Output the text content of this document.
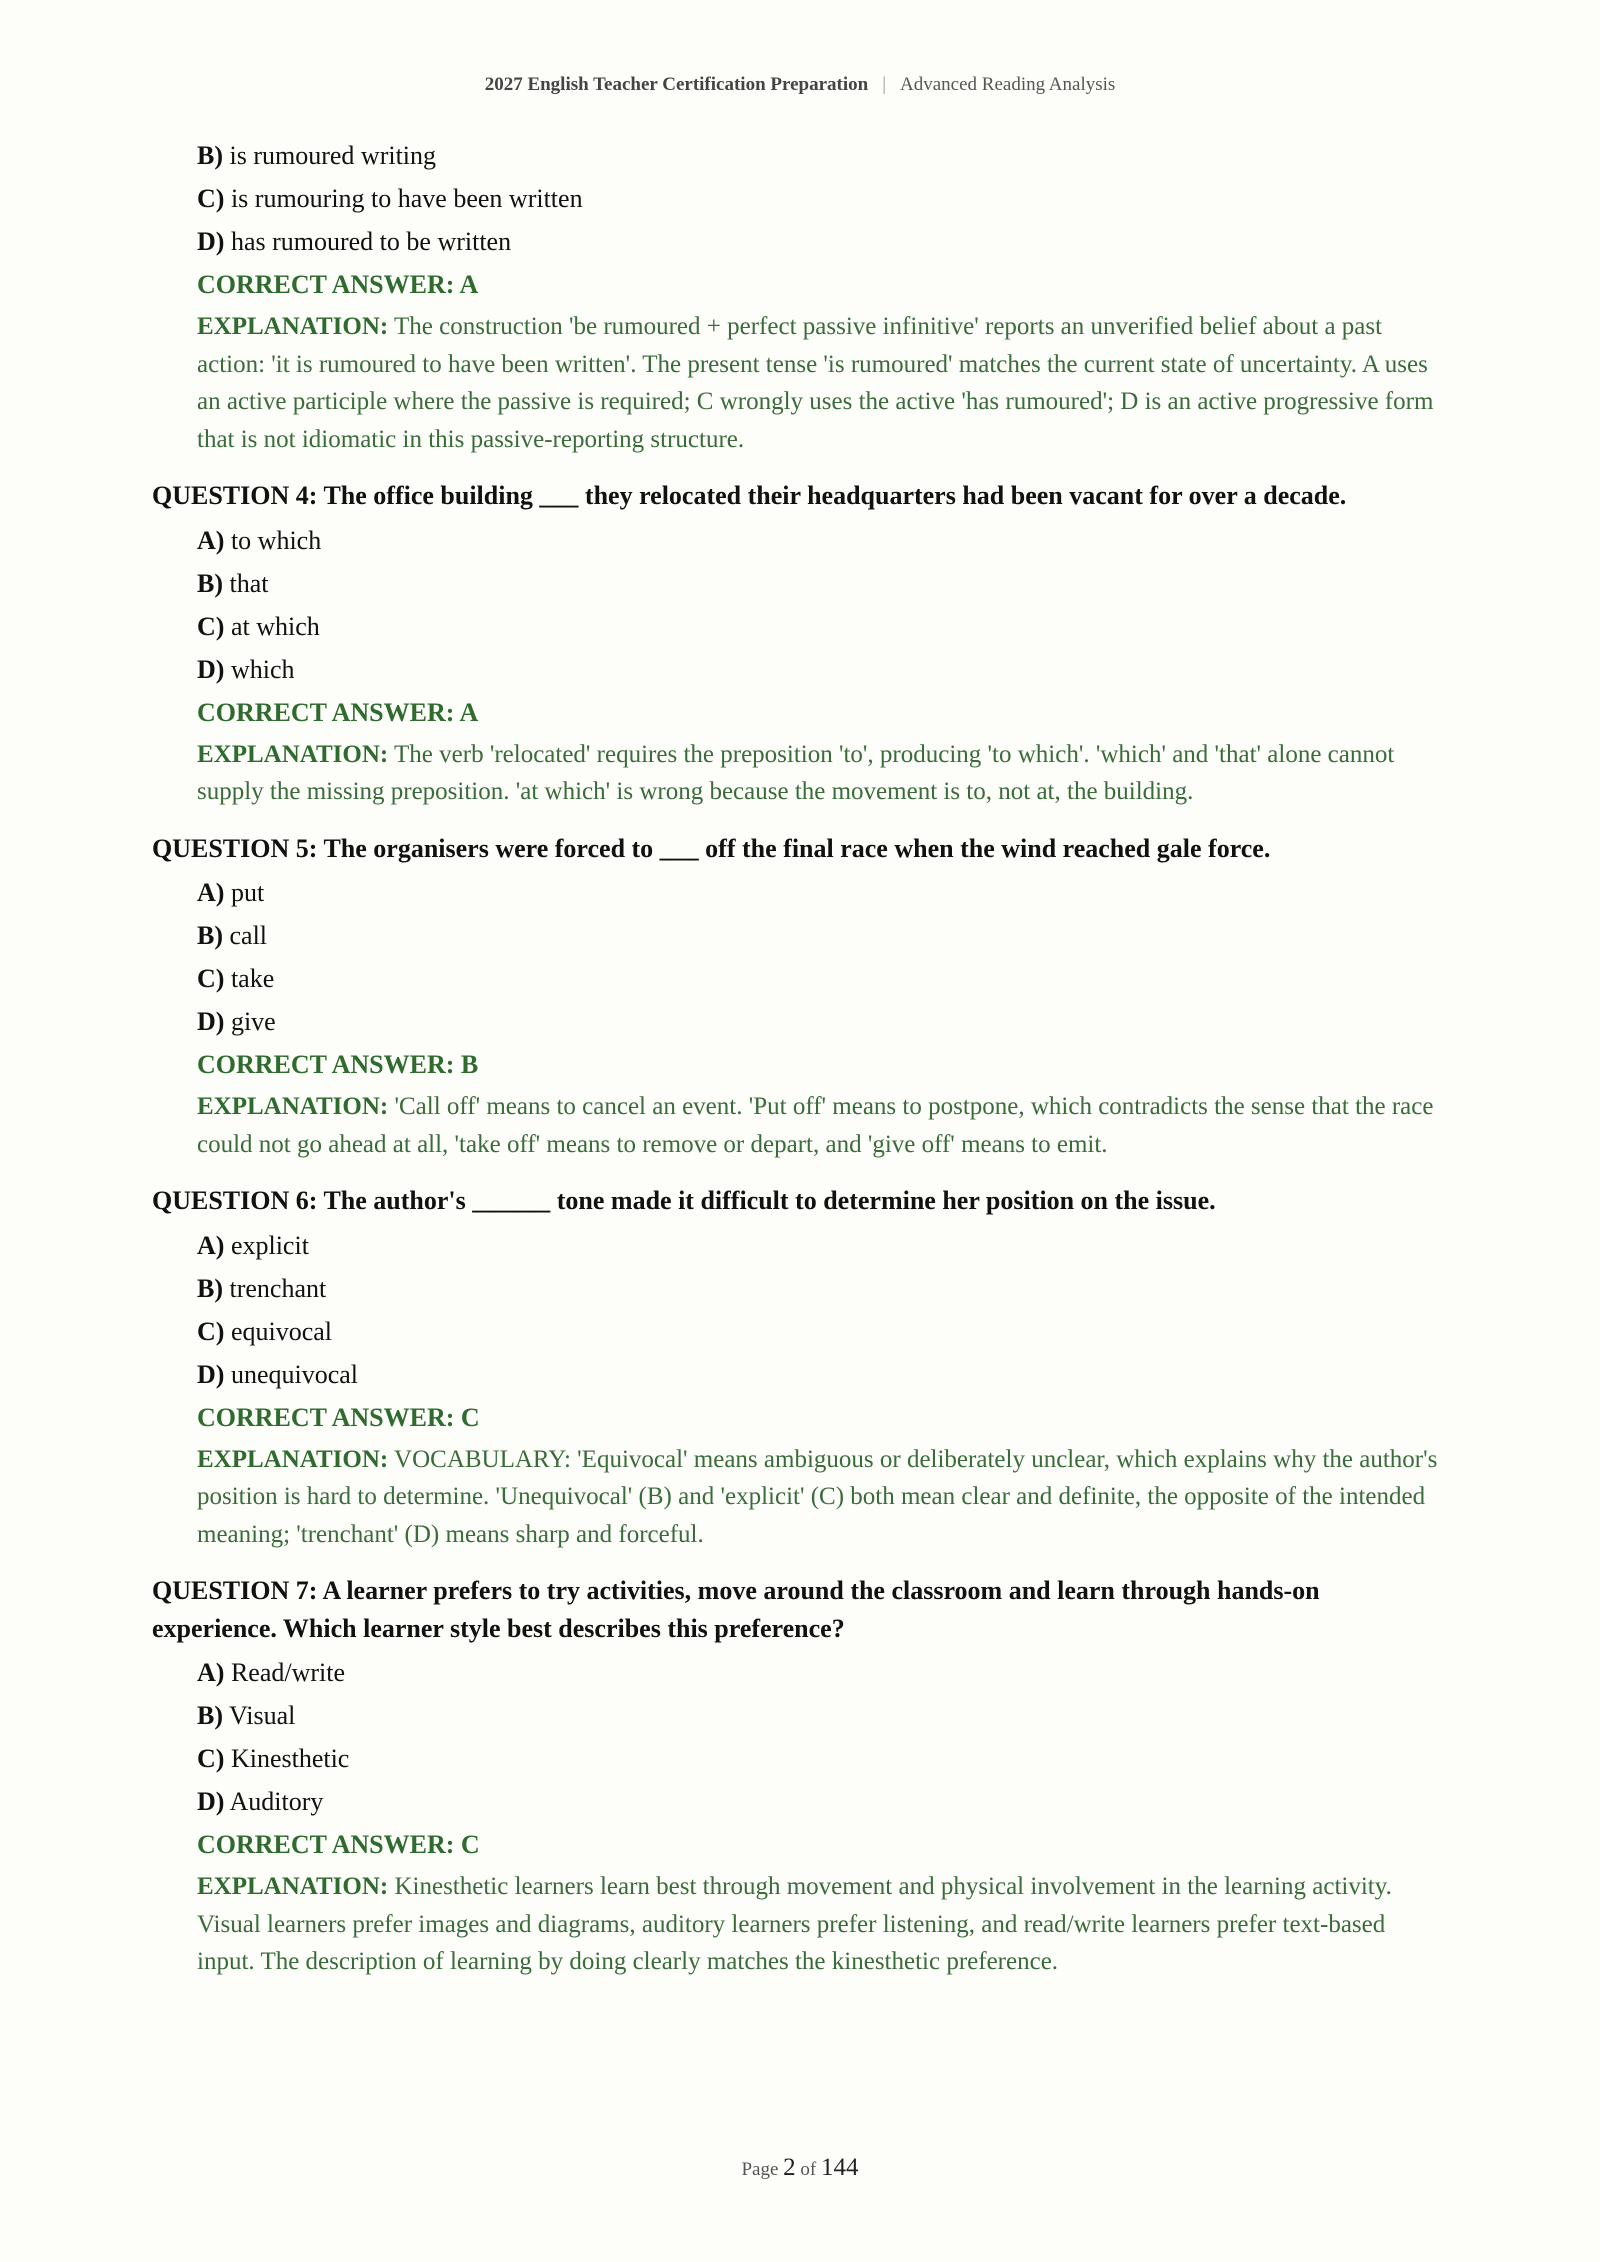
2027 English Teacher Certification Preparation | Advanced Reading Analysis
B) is rumoured writing
C) is rumouring to have been written
D) has rumoured to be written
CORRECT ANSWER: A
EXPLANATION: The construction 'be rumoured + perfect passive infinitive' reports an unverified belief about a past action: 'it is rumoured to have been written'. The present tense 'is rumoured' matches the current state of uncertainty. A uses an active participle where the passive is required; C wrongly uses the active 'has rumoured'; D is an active progressive form that is not idiomatic in this passive-reporting structure.
QUESTION 4: The office building ___ they relocated their headquarters had been vacant for over a decade.
A) to which
B) that
C) at which
D) which
CORRECT ANSWER: A
EXPLANATION: The verb 'relocated' requires the preposition 'to', producing 'to which'. 'which' and 'that' alone cannot supply the missing preposition. 'at which' is wrong because the movement is to, not at, the building.
QUESTION 5: The organisers were forced to ___ off the final race when the wind reached gale force.
A) put
B) call
C) take
D) give
CORRECT ANSWER: B
EXPLANATION: 'Call off' means to cancel an event. 'Put off' means to postpone, which contradicts the sense that the race could not go ahead at all, 'take off' means to remove or depart, and 'give off' means to emit.
QUESTION 6: The author's ______ tone made it difficult to determine her position on the issue.
A) explicit
B) trenchant
C) equivocal
D) unequivocal
CORRECT ANSWER: C
EXPLANATION: VOCABULARY: 'Equivocal' means ambiguous or deliberately unclear, which explains why the author's position is hard to determine. 'Unequivocal' (B) and 'explicit' (C) both mean clear and definite, the opposite of the intended meaning; 'trenchant' (D) means sharp and forceful.
QUESTION 7: A learner prefers to try activities, move around the classroom and learn through hands-on experience. Which learner style best describes this preference?
A) Read/write
B) Visual
C) Kinesthetic
D) Auditory
CORRECT ANSWER: C
EXPLANATION: Kinesthetic learners learn best through movement and physical involvement in the learning activity. Visual learners prefer images and diagrams, auditory learners prefer listening, and read/write learners prefer text-based input. The description of learning by doing clearly matches the kinesthetic preference.
Page 2 of 144
